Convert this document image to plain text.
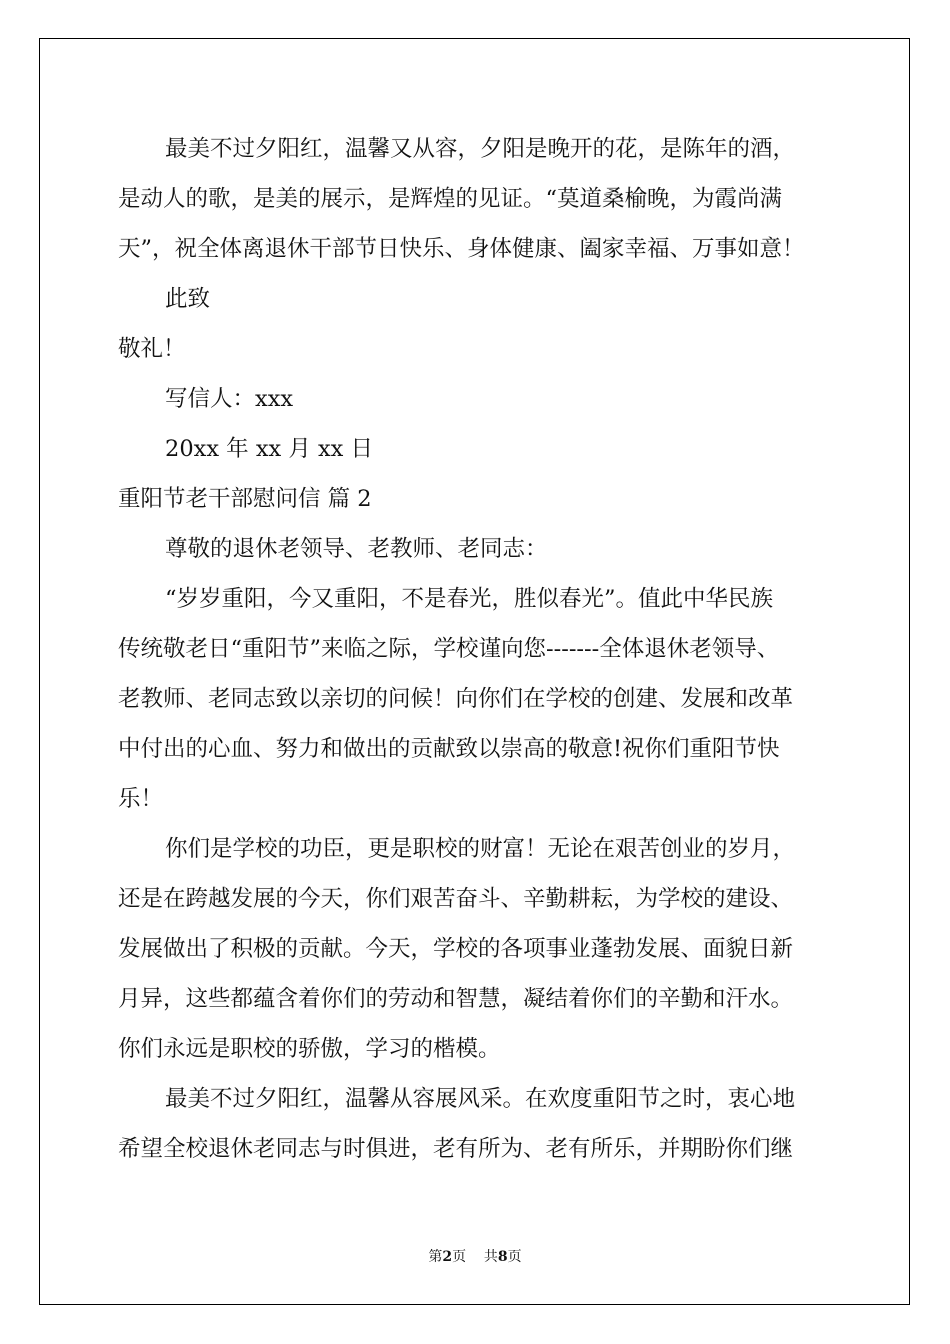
最美不过夕阳红，温馨又从容，夕阳是晚开的花，是陈年的酒，
是动人的歌，是美的展示，是辉煌的见证。“莫道桑榆晚，为霞尚满
天”，祝全体离退休干部节日快乐、身体健康、阖家幸福、万事如意！
此致
敬礼！
写信人：xxx
20xx 年 xx 月 xx 日
重阳节老干部慰问信 篇 2
尊敬的退休老领导、老教师、老同志：
“岁岁重阳，今又重阳，不是春光，胜似春光”。值此中华民族
传统敬老日“重阳节”来临之际，学校谨向您-------全体退休老领导、
老教师、老同志致以亲切的问候！向你们在学校的创建、发展和改革
中付出的心血、努力和做出的贡献致以崇高的敬意!祝你们重阳节快
乐！
你们是学校的功臣，更是职校的财富！无论在艰苦创业的岁月，
还是在跨越发展的今天，你们艰苦奋斗、辛勤耕耘，为学校的建设、
发展做出了积极的贡献。今天，学校的各项事业蓬勃发展、面貌日新
月异，这些都蕴含着你们的劳动和智慧，凝结着你们的辛勤和汗水。
你们永远是职校的骄傲，学习的楷模。
最美不过夕阳红，温馨从容展风采。在欢度重阳节之时，衷心地
希望全校退休老同志与时俱进，老有所为、老有所乐，并期盼你们继
第2页 共8页
